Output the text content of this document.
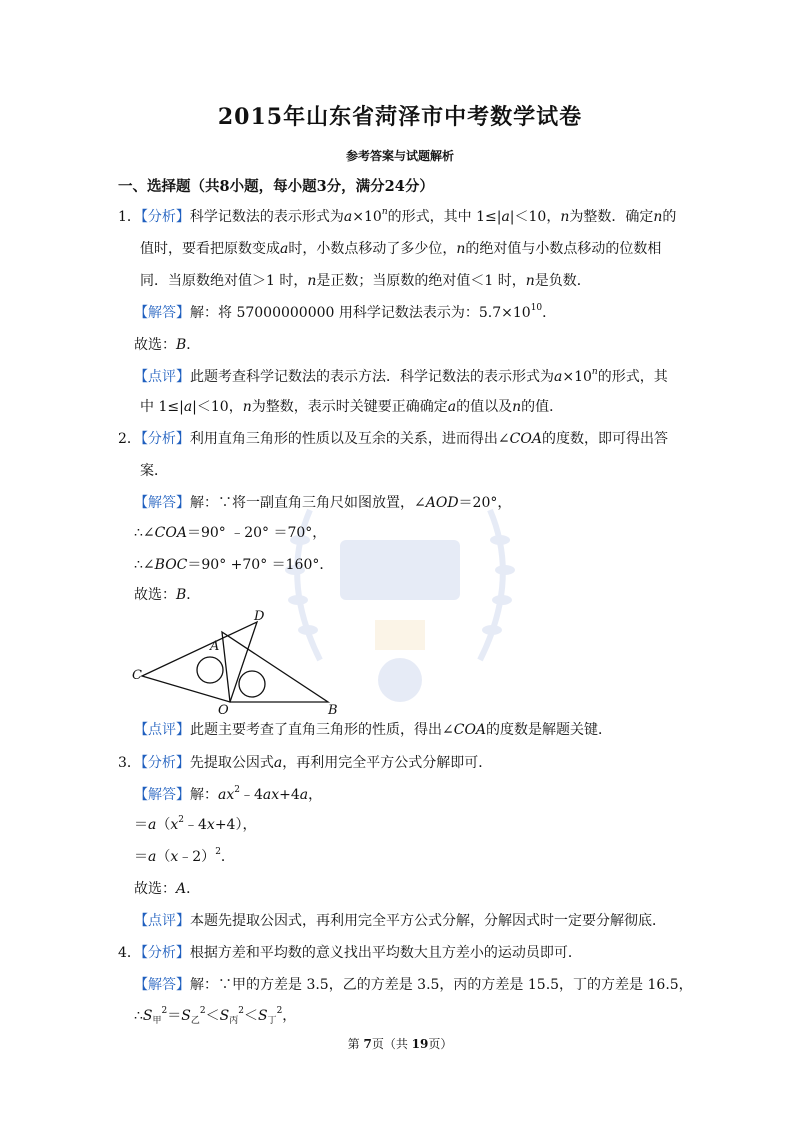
2015年山东省菏泽市中考数学试卷
参考答案与试题解析
一、选择题（共8小题，每小题3分，满分24分）
1．【分析】科学记数法的表示形式为$a\times 10^n$的形式，其中 1≤|a|＜10，n为整数．确定n的
值时，要看把原数变成a时，小数点移动了多少位，n的绝对值与小数点移动的位数相
同．当原数绝对值＞1 时，n是正数；当原数的绝对值＜1 时，n是负数．
【解答】解：将 57000000000 用科学记数法表示为：$5.7\times 10^{10}$．
故选：B．
【点评】此题考查科学记数法的表示方法．科学记数法的表示形式为$a\times 10^n$的形式，其
中 1≤|a|＜10，n为整数，表示时关键要正确确定a的值以及n的值．
2．【分析】利用直角三角形的性质以及互余的关系，进而得出∠COA的度数，即可得出答
案．
【解答】解：∵将一副直角三角尺如图放置，∠AOD＝20°，
∴∠COA＝90° ﹣20° ＝70°，
∴∠BOC＝90° +70° ＝160°．
故选：B．
C
A
D
O	B
【点评】此题主要考查了直角三角形的性质，得出∠COA的度数是解题关键．
3．【分析】先提取公因式a，再利用完全平方公式分解即可．
【解答】解：$ax^2﹣4ax+4a$，
$=a(x^2﹣4x+4)$，
＝a（x﹣2）$^2$．
故选：A．
【点评】本题先提取公因式，再利用完全平方公式分解，分解因式时一定要分解彻底．
4．【分析】根据方差和平均数的意义找出平均数大且方差小的运动员即可．
【解答】解：∵甲的方差是 3.5，乙的方差是 3.5，丙的方差是 15.5，丁的方差是 16.5，
$\therefore S_甲^2=S_乙^2<S_丙^2<S_丁^2$，
第 7页（共 19页）
